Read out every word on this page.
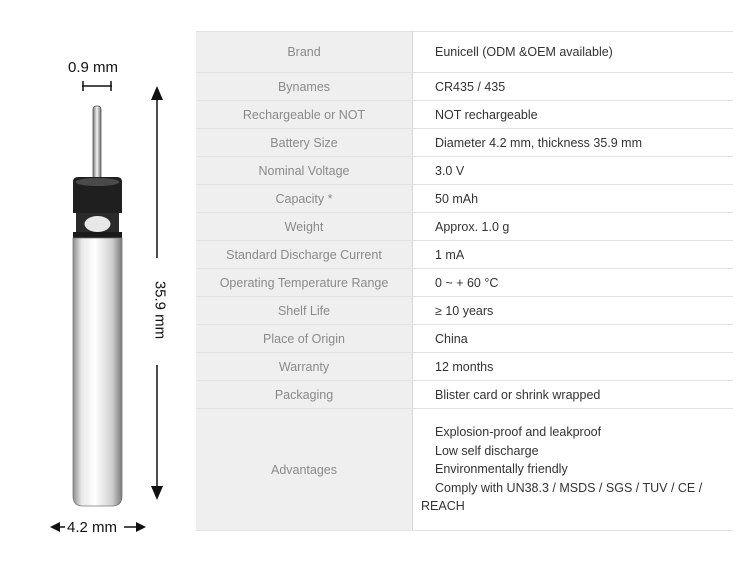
0.9 mm
35.9 mm
4.2 mm
Brand	Eunicell (ODM &OEM available)
Bynames	CR435 / 435
Rechargeable or NOT	NOT rechargeable
Battery Size	Diameter 4.2 mm, thickness 35.9 mm
Nominal Voltage	3.0 V
Capacity *	50 mAh
Weight	Approx. 1.0 g
Standard Discharge Current	1 mA
Operating Temperature Range	0 ~ + 60 °C
Shelf Life	≥ 10 years
Place of Origin	China
Warranty	12 months
Packaging	Blister card or shrink wrapped
Advantages	Explosion-proof and leakproof
Low self discharge
Environmentally friendly
Comply with UN38.3 / MSDS / SGS / TUV / CE /
REACH
